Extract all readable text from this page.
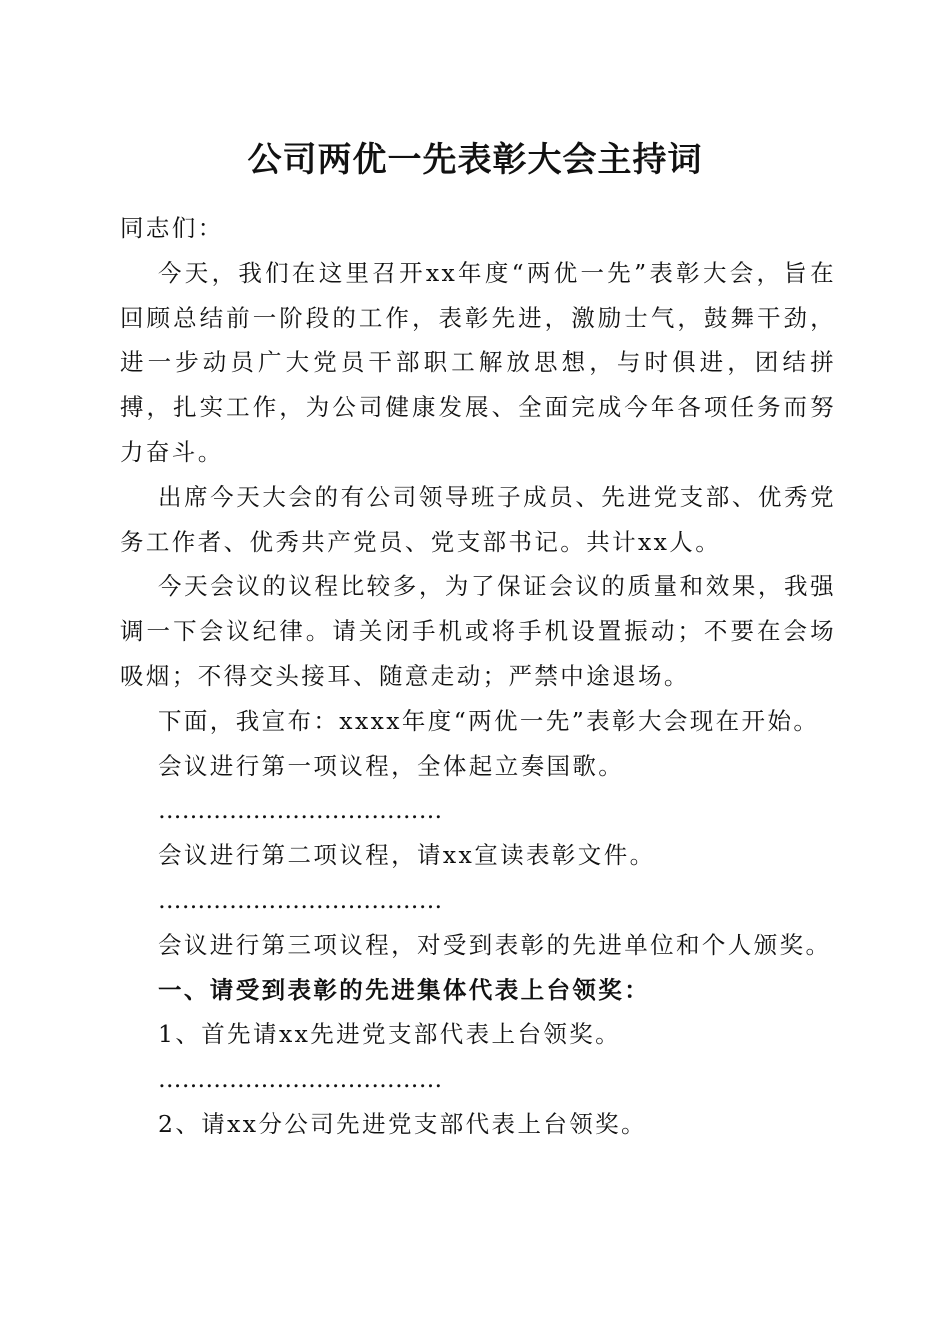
公司两优一先表彰大会主持词

同志们：

今天，我们在这里召开xx年度“两优一先”表彰大会，旨在回顾总结前一阶段的工作，表彰先进，激励士气，鼓舞干劲，进一步动员广大党员干部职工解放思想，与时俱进，团结拼搏，扎实工作，为公司健康发展、全面完成今年各项任务而努力奋斗。

出席今天大会的有公司领导班子成员、先进党支部、优秀党务工作者、优秀共产党员、党支部书记。共计xx人。

今天会议的议程比较多，为了保证会议的质量和效果，我强调一下会议纪律。请关闭手机或将手机设置振动；不要在会场吸烟；不得交头接耳、随意走动；严禁中途退场。

下面，我宣布：xxxx年度“两优一先”表彰大会现在开始。

会议进行第一项议程，全体起立奏国歌。

………………………………

会议进行第二项议程，请xx宣读表彰文件。

………………………………

会议进行第三项议程，对受到表彰的先进单位和个人颁奖。

一、请受到表彰的先进集体代表上台领奖：

1、首先请xx先进党支部代表上台领奖。

………………………………

2、请xx分公司先进党支部代表上台领奖。
